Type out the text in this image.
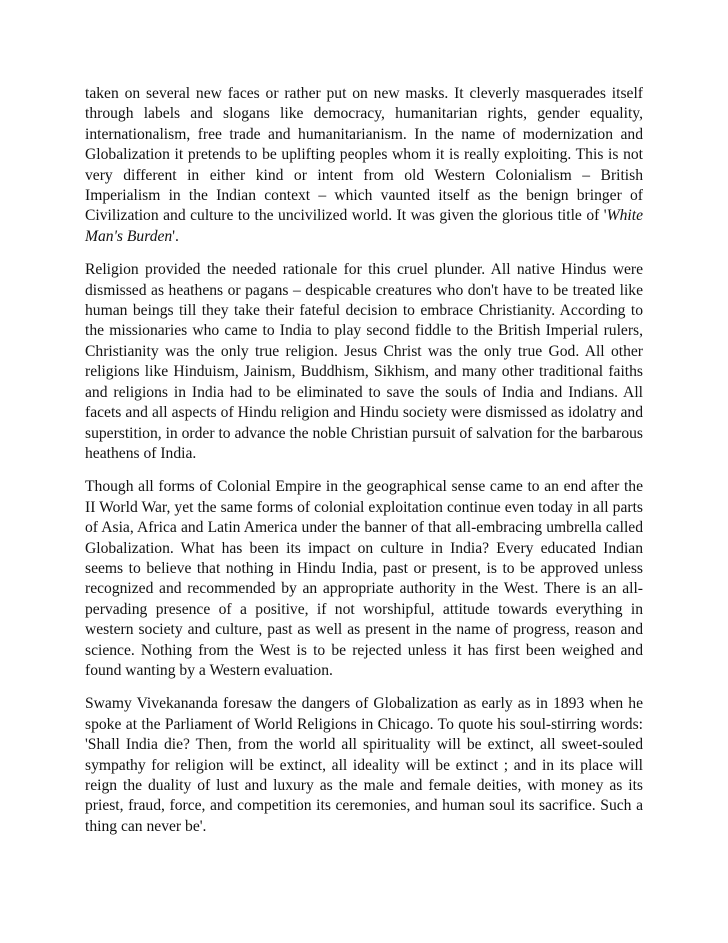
taken on several new faces or rather put on new masks. It cleverly masquerades itself through labels and slogans like democracy, humanitarian rights, gender equality, internationalism, free trade and humanitarianism. In the name of modernization and Globalization it pretends to be uplifting peoples whom it is really exploiting. This is not very different in either kind or intent from old Western Colonialism – British Imperialism in the Indian context – which vaunted itself as the benign bringer of Civilization and culture to the uncivilized world. It was given the glorious title of 'White Man's Burden'.

Religion provided the needed rationale for this cruel plunder. All native Hindus were dismissed as heathens or pagans – despicable creatures who don't have to be treated like human beings till they take their fateful decision to embrace Christianity. According to the missionaries who came to India to play second fiddle to the British Imperial rulers, Christianity was the only true religion. Jesus Christ was the only true God. All other religions like Hinduism, Jainism, Buddhism, Sikhism, and many other traditional faiths and religions in India had to be eliminated to save the souls of India and Indians. All facets and all aspects of Hindu religion and Hindu society were dismissed as idolatry and superstition, in order to advance the noble Christian pursuit of salvation for the barbarous heathens of India.

Though all forms of Colonial Empire in the geographical sense came to an end after the II World War, yet the same forms of colonial exploitation continue even today in all parts of Asia, Africa and Latin America under the banner of that all-embracing umbrella called Globalization. What has been its impact on culture in India? Every educated Indian seems to believe that nothing in Hindu India, past or present, is to be approved unless recognized and recommended by an appropriate authority in the West. There is an all-pervading presence of a positive, if not worshipful, attitude towards everything in western society and culture, past as well as present in the name of progress, reason and science. Nothing from the West is to be rejected unless it has first been weighed and found wanting by a Western evaluation.

Swamy Vivekananda foresaw the dangers of Globalization as early as in 1893 when he spoke at the Parliament of World Religions in Chicago. To quote his soul-stirring words: 'Shall India die? Then, from the world all spirituality will be extinct, all sweet-souled sympathy for religion will be extinct, all ideality will be extinct ; and in its place will reign the duality of lust and luxury as the male and female deities, with money as its priest, fraud, force, and competition its ceremonies, and human soul its sacrifice. Such a thing can never be'.
